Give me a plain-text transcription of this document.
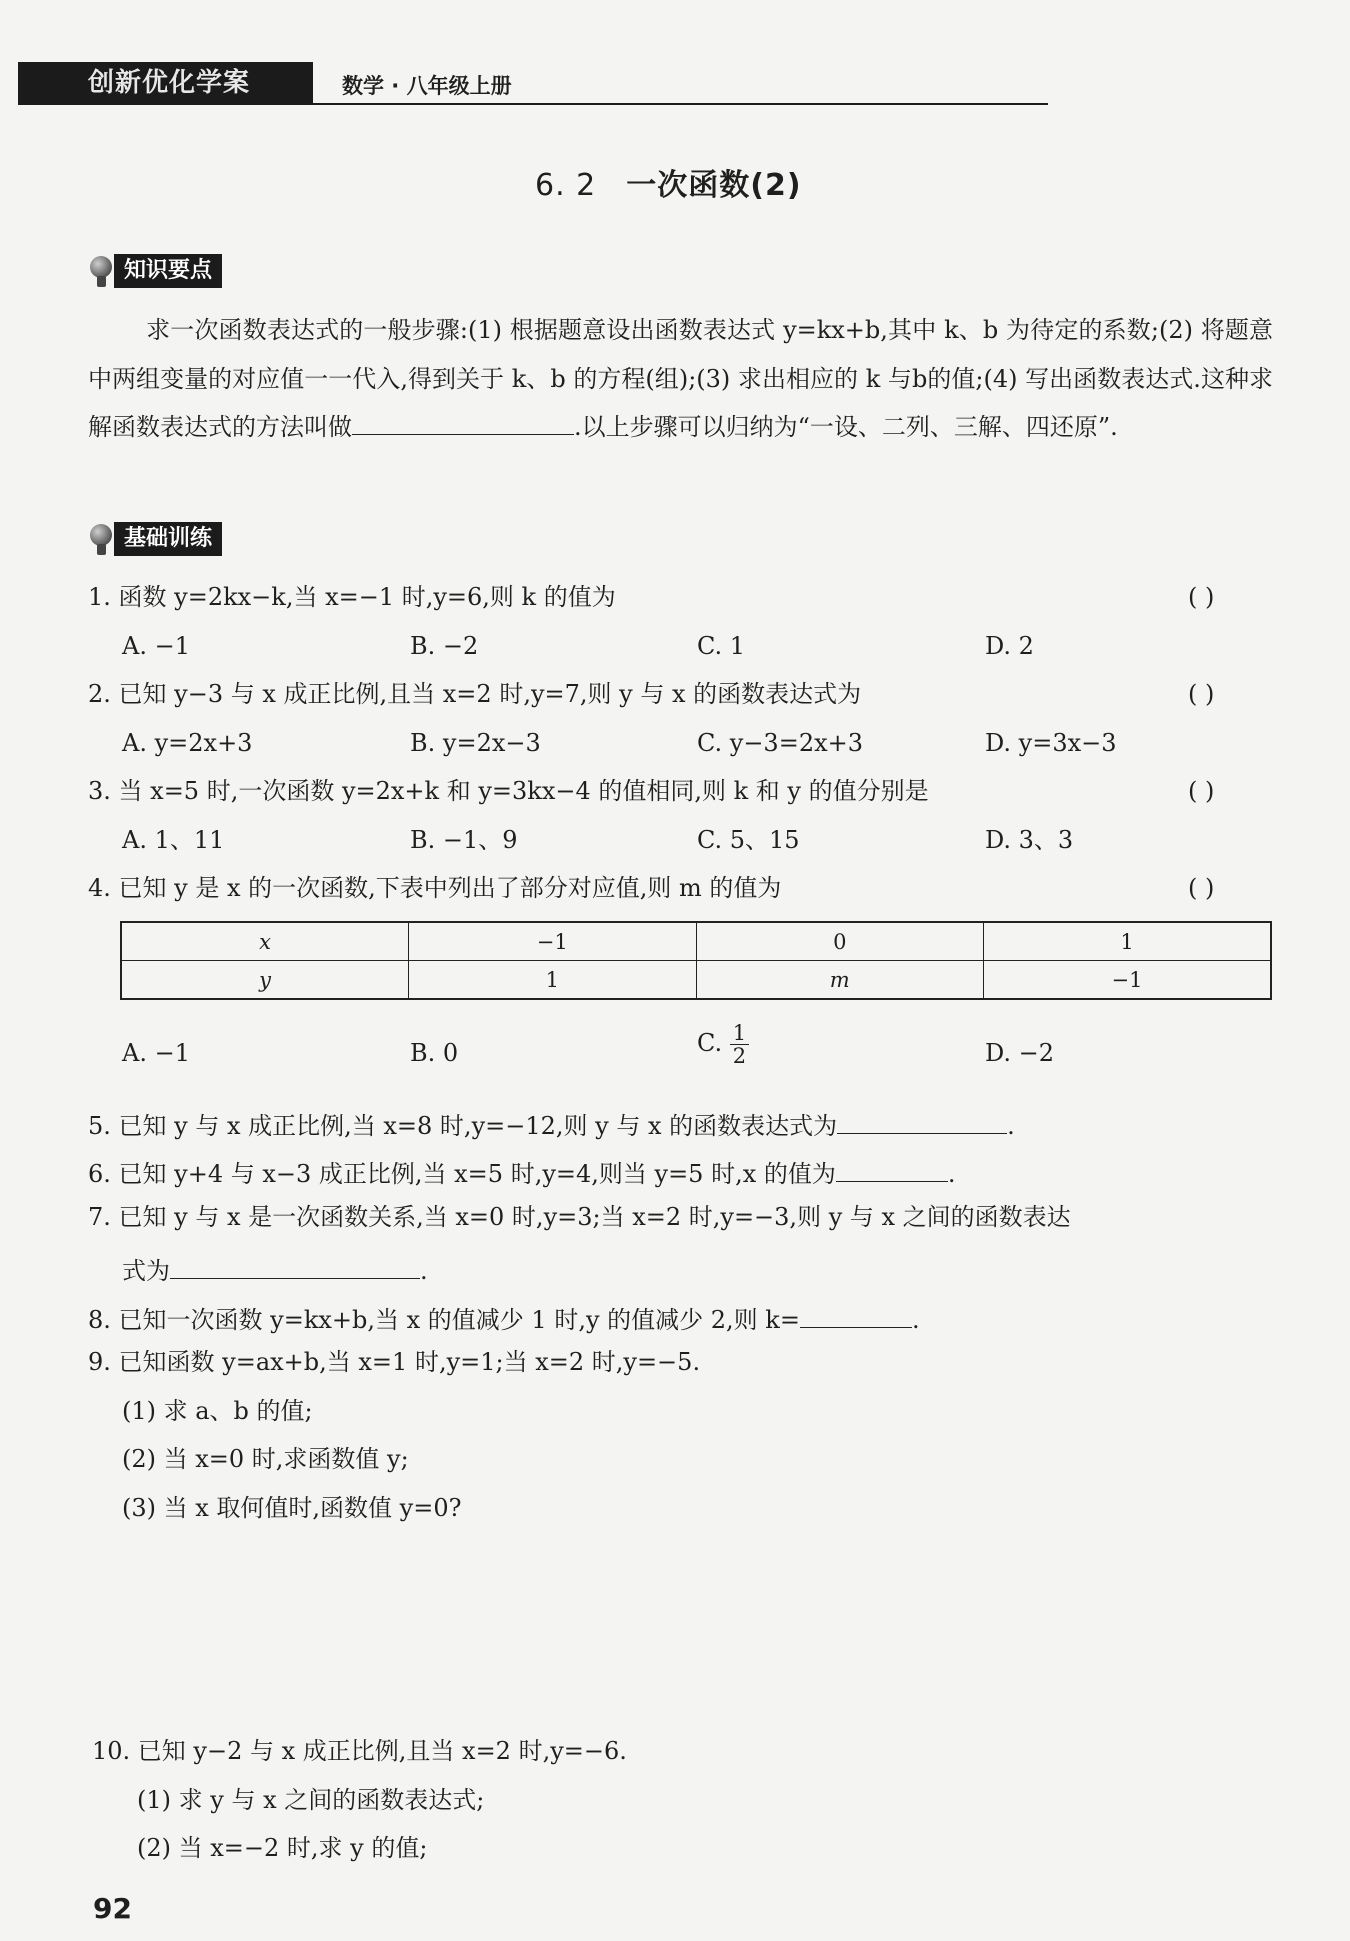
创新优化学案	数学 · 八年级上册
6. 2 一次函数(2)
知识要点
求一次函数表达式的一般步骤:(1) 根据题意设出函数表达式 y=kx+b,其中 k、b 为待定的系数;(2) 将题意中两组变量的对应值一一代入,得到关于 k、b 的方程(组);(3) 求出相应的 k 与b的值;(4) 写出函数表达式.这种求解函数表达式的方法叫做	.以上步骤可以归纳为“一设、二列、三解、四还原”.
基础训练
1. 函数 y=2kx−k,当 x=−1 时,y=6,则 k 的值为	( )
A. −1	B. −2	C. 1	D. 2
2. 已知 y−3 与 x 成正比例,且当 x=2 时,y=7,则 y 与 x 的函数表达式为	( )
A. y=2x+3	B. y=2x−3	C. y−3=2x+3	D. y=3x−3
3. 当 x=5 时,一次函数 y=2x+k 和 y=3kx−4 的值相同,则 k 和 y 的值分别是	( )
A. 1、11	B. −1、9	C. 5、15	D. 3、3
4. 已知 y 是 x 的一次函数,下表中列出了部分对应值,则 m 的值为	( )
x	−1	0	1
y	1	m	−1
A. −1	B. 0	C. $\frac{1}{2}$	D. −2
5. 已知 y 与 x 成正比例,当 x=8 时,y=−12,则 y 与 x 的函数表达式为	.
6. 已知 y+4 与 x−3 成正比例,当 x=5 时,y=4,则当 y=5 时,x 的值为	.
7. 已知 y 与 x 是一次函数关系,当 x=0 时,y=3;当 x=2 时,y=−3,则 y 与 x 之间的函数表达
式为	.
8. 已知一次函数 y=kx+b,当 x 的值减少 1 时,y 的值减少 2,则 k=	.
9. 已知函数 y=ax+b,当 x=1 时,y=1;当 x=2 时,y=−5.
(1) 求 a、b 的值;
(2) 当 x=0 时,求函数值 y;
(3) 当 x 取何值时,函数值 y=0?
10. 已知 y−2 与 x 成正比例,且当 x=2 时,y=−6.
(1) 求 y 与 x 之间的函数表达式;
(2) 当 x=−2 时,求 y 的值;
92
